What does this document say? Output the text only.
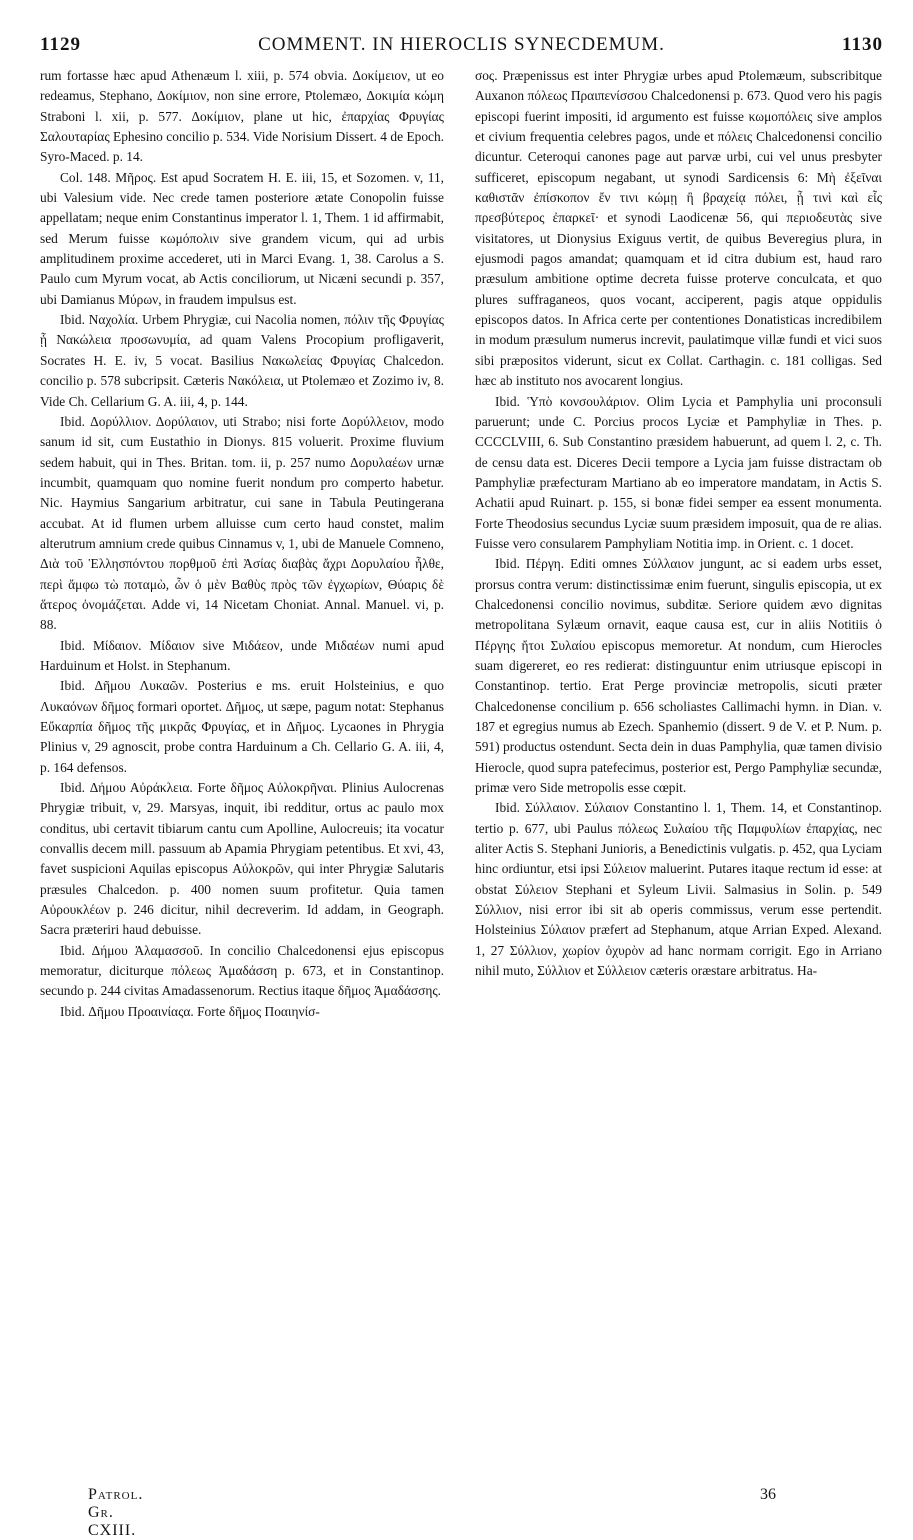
1129	COMMENT. IN HIEROCLIS SYNECDEMUM.	1130

rum fortasse hæc apud Athenæum l. xiii, p. 574 obvia. Δοκίμειον, ut eo redeamus, Stephano, Δοκίμιον, non sine errore, Ptolemæo, Δοκιμία κώμη Straboni l. xii, p. 577. Δοκίμιον, plane ut hic, ἐπαρχίας Φρυγίας Σαλουταρίας Ephesino concilio p. 534. Vide Norisium Dissert. 4 de Epoch. Syro-Maced. p. 14.

Col. 148. Μῆρος. Est apud Socratem H. E. iii, 15, et Sozomen. v, 11, ubi Valesium vide. Nec crede tamen posteriore ætate Conopolin fuisse appellatam; neque enim Constantinus imperator l. 1, Them. 1 id affirmabit, sed Merum fuisse κωμόπολιν sive grandem vicum, qui ad urbis amplitudinem proxime accederet, uti in Marci Evang. 1, 38. Carolus a S. Paulo cum Myrum vocat, ab Actis conciliorum, ut Nicæni secundi p. 357, ubi Damianus Μύρων, in fraudem impulsus est.

Ibid. Ναχολία. Urbem Phrygiæ, cui Nacolia nomen, πόλιν τῆς Φρυγίας ᾗ Νακώλεια προσωνυμία, ad quam Valens Procopium profligaverit, Socrates H. E. iv, 5 vocat. Basilius Νακωλείας Φρυγίας Chalcedon. concilio p. 578 subcripsit. Cæteris Νακόλεια, ut Ptolemæo et Zozimo iv, 8. Vide Ch. Cellarium G. A. iii, 4, p. 144.

Ibid. Δορύλλιον. Δορύλαιον, uti Strabo; nisi forte Δορύλλειον, modo sanum id sit, cum Eustathio in Dionys. 815 voluerit. Proxime fluvium sedem habuit, qui in Thes. Britan. tom. ii, p. 257 numo Δορυλαέων urnæ incumbit, quamquam quo nomine fuerit nondum pro comperto habetur. Nic. Haymius Sangarium arbitratur, cui sane in Tabula Peutingerana accubat. At id flumen urbem alluisse cum certo haud constet, malim alterutrum amnium crede quibus Cinnamus v, 1, ubi de Manuele Comneno, Διὰ τοῦ Ἑλλησπόντου πορθμοῦ ἐπὶ Ἀσίας διαβὰς ἄχρι Δορυλαίου ἦλθε, περὶ ἄμφω τὼ ποταμὼ, ὧν ὁ μὲν Βαθὺς πρὸς τῶν ἐγχωρίων, Θύαρις δὲ ἅτερος ὀνομάζεται. Adde vi, 14 Nicetam Choniat. Annal. Manuel. vi, p. 88.

Ibid. Μίδαιον. Μίδαιον sive Μιδάεον, unde Μιδαέων numi apud Harduinum et Holst. in Stephanum.

Ibid. Δῆμου Λυκαῶν. Posterius e ms. eruit Holsteinius, e quo Λυκαόνων δῆμος formari oportet. Δῆμος, ut sæpe, pagum notat: Stephanus Εὔκαρπία δῆμος τῆς μικρᾶς Φρυγίας, et in Δῆμος. Lycaones in Phrygia Plinius v, 29 agnoscit, probe contra Harduinum a Ch. Cellario G. A. iii, 4, p. 164 defensos.

Ibid. Δήμου Αὐράκλεια. Forte δῆμος Αὐλοκρῆναι. Plinius Aulocrenas Phrygiæ tribuit, v, 29. Marsyas, inquit, ibi redditur, ortus ac paulo mox conditus, ubi certavit tibiarum cantu cum Apolline, Aulocreuis; ita vocatur convallis decem mill. passuum ab Apamia Phrygiam petentibus. Et xvi, 43, favet suspicioni Aquilas episcopus Αὐλοκρῶν, qui inter Phrygiæ Salutaris præsules Chalcedon. p. 400 nomen suum profitetur. Quia tamen Αὐρουκλέων p. 246 dicitur, nihil decreverim. Id addam, in Geograph. Sacra præteriri haud debuisse.

Ibid. Δήμου Ἀλαμασσοῦ. In concilio Chalcedonensi ejus episcopus memoratur, diciturque πόλεως Ἀμαδάσση p. 673, et in Constantinop. secundo p. 244 civitas Amadassenorum. Rectius itaque δῆμος Ἀμαδάσσης.

Ibid. Δῆμου Προαινίαςα. Forte δῆμος Ποαιηνίσ-

σος. Præpenissus est inter Phrygiæ urbes apud Ptolemæum, subscribitque Auxanon πόλεως Πραιπενίσσου Chalcedonensi p. 673. Quod vero his pagis episcopi fuerint impositi, id argumento est fuisse κωμοπόλεις sive amplos et civium frequentia celebres pagos, unde et πόλεις Chalcedonensi concilio dicuntur. Ceteroqui canones page aut parvæ urbi, cui vel unus presbyter sufficeret, episcopum negabant, ut synodi Sardicensis 6: Μὴ ἐξεῖναι καθιστᾶν ἐπίσκοπον ἔν τινι κώμῃ ἢ βραχείᾳ πόλει, ᾗ τινὶ καὶ εἷς πρεσβύτερος ἐπαρκεῖ· et synodi Laodicenæ 56, qui περιοδευτὰς sive visitatores, ut Dionysius Exiguus vertit, de quibus Beveregius plura, in ejusmodi pagos amandat; quamquam et id citra dubium est, haud raro præsulum ambitione optime decreta fuisse proterve conculcata, et quo plures suffraganeos, quos vocant, acciperent, pagis atque oppidulis episcopos datos. In Africa certe per contentiones Donatisticas incredibilem in modum præsulum numerus increvit, paulatimque villæ fundi et vici suos sibi præpositos viderunt, sicut ex Collat. Carthagin. c. 181 colligas. Sed hæc ab instituto nos avocarent longius.

Ibid. Ὑπὸ κονσουλάριον. Olim Lycia et Pamphylia uni proconsuli paruerunt; unde C. Porcius procos Lyciæ et Pamphyliæ in Thes. p. CCCCLVIII, 6. Sub Constantino præsidem habuerunt, ad quem l. 2, c. Th. de censu data est. Diceres Decii tempore a Lycia jam fuisse distractam ob Pamphyliæ præfecturam Martiano ab eo imperatore mandatam, in Actis S. Achatii apud Ruinart. p. 155, si bonæ fidei semper ea essent monumenta. Forte Theodosius secundus Lyciæ suum præsidem imposuit, qua de re alias. Fuisse vero consularem Pamphyliam Notitia imp. in Orient. c. 1 docet.

Ibid. Πέργη. Editi omnes Σύλλαιον jungunt, ac si eadem urbs esset, prorsus contra verum: distinctissimæ enim fuerunt, singulis episcopia, ut ex Chalcedonensi concilio novimus, subditæ. Seriore quidem ævo dignitas metropolitana Sylæum ornavit, eaque causa est, cur in aliis Notitiis ὁ Πέργης ἤτοι Συλαίου episcopus memoretur. At nondum, cum Hierocles suam digereret, eo res redierat: distinguuntur enim utriusque episcopi in Constantinop. tertio. Erat Perge provinciæ metropolis, sicuti præter Chalcedonense concilium p. 656 scholiastes Callimachi hymn. in Dian. v. 187 et egregius numus ab Ezech. Spanhemio (dissert. 9 de V. et P. Num. p. 591) productus ostendunt. Secta dein in duas Pamphylia, quæ tamen divisio Hierocle, quod supra patefecimus, posterior est, Pergo Pamphyliæ secundæ, primæ vero Side metropolis esse cœpit.

Ibid. Σύλλαιον. Σύλαιον Constantino l. 1, Them. 14, et Constantinop. tertio p. 677, ubi Paulus πόλεως Συλαίου τῆς Παμφυλίων ἐπαρχίας, nec aliter Actis S. Stephani Junioris, a Benedictinis vulgatis. p. 452, qua Lyciam hinc ordiuntur, etsi ipsi Σύλειον maluerint. Putares itaque rectum id esse: at obstat Σύλειον Stephani et Syleum Livii. Salmasius in Solin. p. 549 Σύλλιον, nisi error ibi sit ab operis commissus, verum esse pertendit. Holsteinius Σύλαιον præfert ad Stephanum, atque Arrian Exped. Alexand. 1, 27 Σύλλιον, χωρίον ὀχυρὸν ad hanc normam corrigit. Ego in Arriano nihil muto, Σύλλιον et Σύλλειον cæteris oræstare arbitratus. Ha-

Patrol. Gr. CXIII.
36
